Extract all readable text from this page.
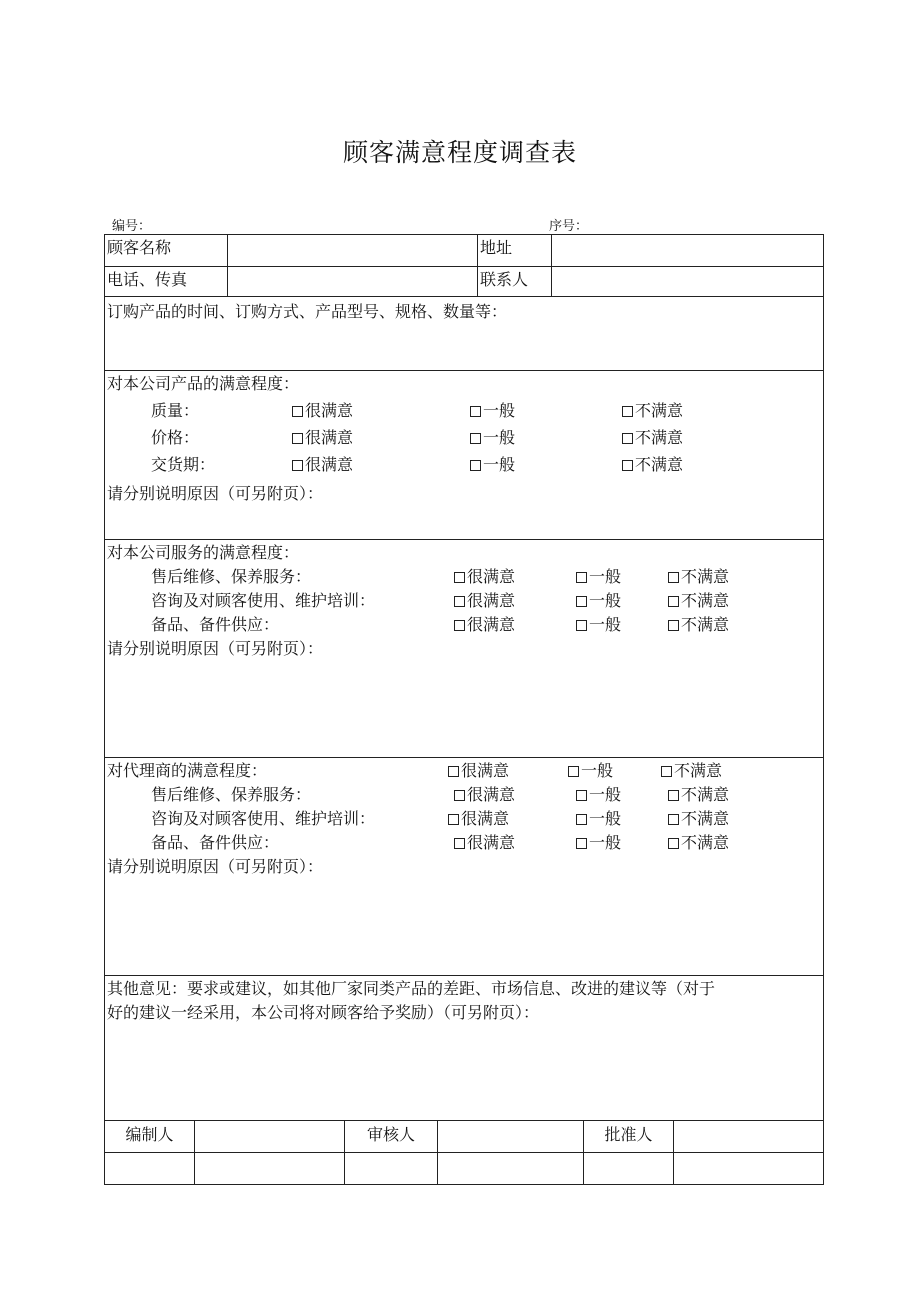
顾客满意程度调查表
编号：	序号：
顾客名称	地址
电话、传真	联系人
订购产品的时间、订购方式、产品型号、规格、数量等：
对本公司产品的满意程度：
质量：	很满意	一般	不满意
价格：	很满意	一般	不满意
交货期：	很满意	一般	不满意
请分别说明原因（可另附页）：
对本公司服务的满意程度：
售后维修、保养服务：	很满意	一般	不满意
咨询及对顾客使用、维护培训：	很满意	一般	不满意
备品、备件供应：	很满意	一般	不满意
请分别说明原因（可另附页）：
对代理商的满意程度：	很满意	一般	不满意
售后维修、保养服务：	很满意	一般	不满意
咨询及对顾客使用、维护培训：	很满意	一般	不满意
备品、备件供应：	很满意	一般	不满意
请分别说明原因（可另附页）：
其他意见：要求或建议，如其他厂家同类产品的差距、市场信息、改进的建议等（对于
好的建议一经采用，本公司将对顾客给予奖励）（可另附页）：
编制人	审核人	批准人
